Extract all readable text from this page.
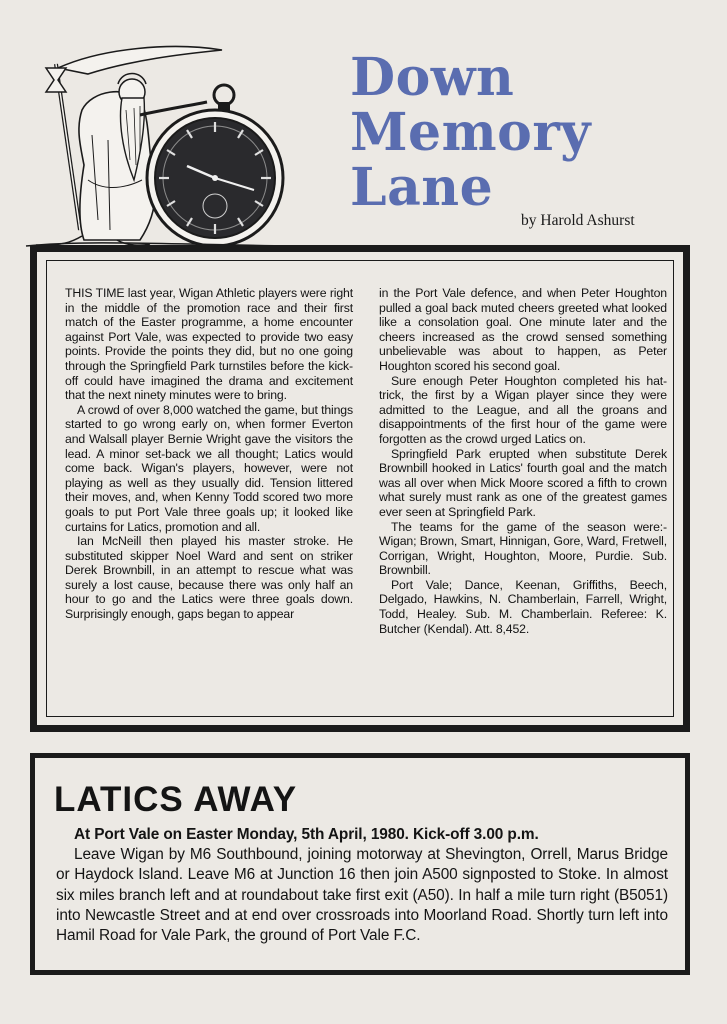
Down
Memory
Lane
by Harold Ashurst

THIS TIME last year, Wigan Athletic players were right in the middle of the promotion race and their first match of the Easter programme, a home encounter against Port Vale, was expected to provide two easy points. Provide the points they did, but no one going through the Springfield Park turnstiles before the kick-off could have imagined the drama and excitement that the next ninety minutes were to bring.

A crowd of over 8,000 watched the game, but things started to go wrong early on, when former Everton and Walsall player Bernie Wright gave the visitors the lead. A minor set-back we all thought; Latics would come back. Wigan's players, however, were not playing as well as they usually did. Tension littered their moves, and, when Kenny Todd scored two more goals to put Port Vale three goals up; it looked like curtains for Latics, promotion and all.

Ian McNeill then played his master stroke. He substituted skipper Noel Ward and sent on striker Derek Brownbill, in an attempt to rescue what was surely a lost cause, because there was only half an hour to go and the Latics were three goals down. Surprisingly enough, gaps began to appear

in the Port Vale defence, and when Peter Houghton pulled a goal back muted cheers greeted what looked like a consolation goal. One minute later and the cheers increased as the crowd sensed something unbelievable was about to happen, as Peter Houghton scored his second goal.

Sure enough Peter Houghton completed his hat-trick, the first by a Wigan player since they were admitted to the League, and all the groans and disappointments of the first hour of the game were forgotten as the crowd urged Latics on.

Springfield Park erupted when substitute Derek Brownbill hooked in Latics' fourth goal and the match was all over when Mick Moore scored a fifth to crown what surely must rank as one of the greatest games ever seen at Springfield Park.

The teams for the game of the season were:- Wigan; Brown, Smart, Hinnigan, Gore, Ward, Fretwell, Corrigan, Wright, Houghton, Moore, Purdie. Sub. Brownbill.

Port Vale; Dance, Keenan, Griffiths, Beech, Delgado, Hawkins, N. Chamberlain, Farrell, Wright, Todd, Healey. Sub. M. Chamberlain. Referee: K. Butcher (Kendal). Att. 8,452.

LATICS AWAY

At Port Vale on Easter Monday, 5th April, 1980. Kick-off 3.00 p.m.

Leave Wigan by M6 Southbound, joining motorway at Shevington, Orrell, Marus Bridge or Haydock Island. Leave M6 at Junction 16 then join A500 signposted to Stoke. In almost six miles branch left and at roundabout take first exit (A50). In half a mile turn right (B5051) into Newcastle Street and at end over crossroads into Moorland Road. Shortly turn left into Hamil Road for Vale Park, the ground of Port Vale F.C.
